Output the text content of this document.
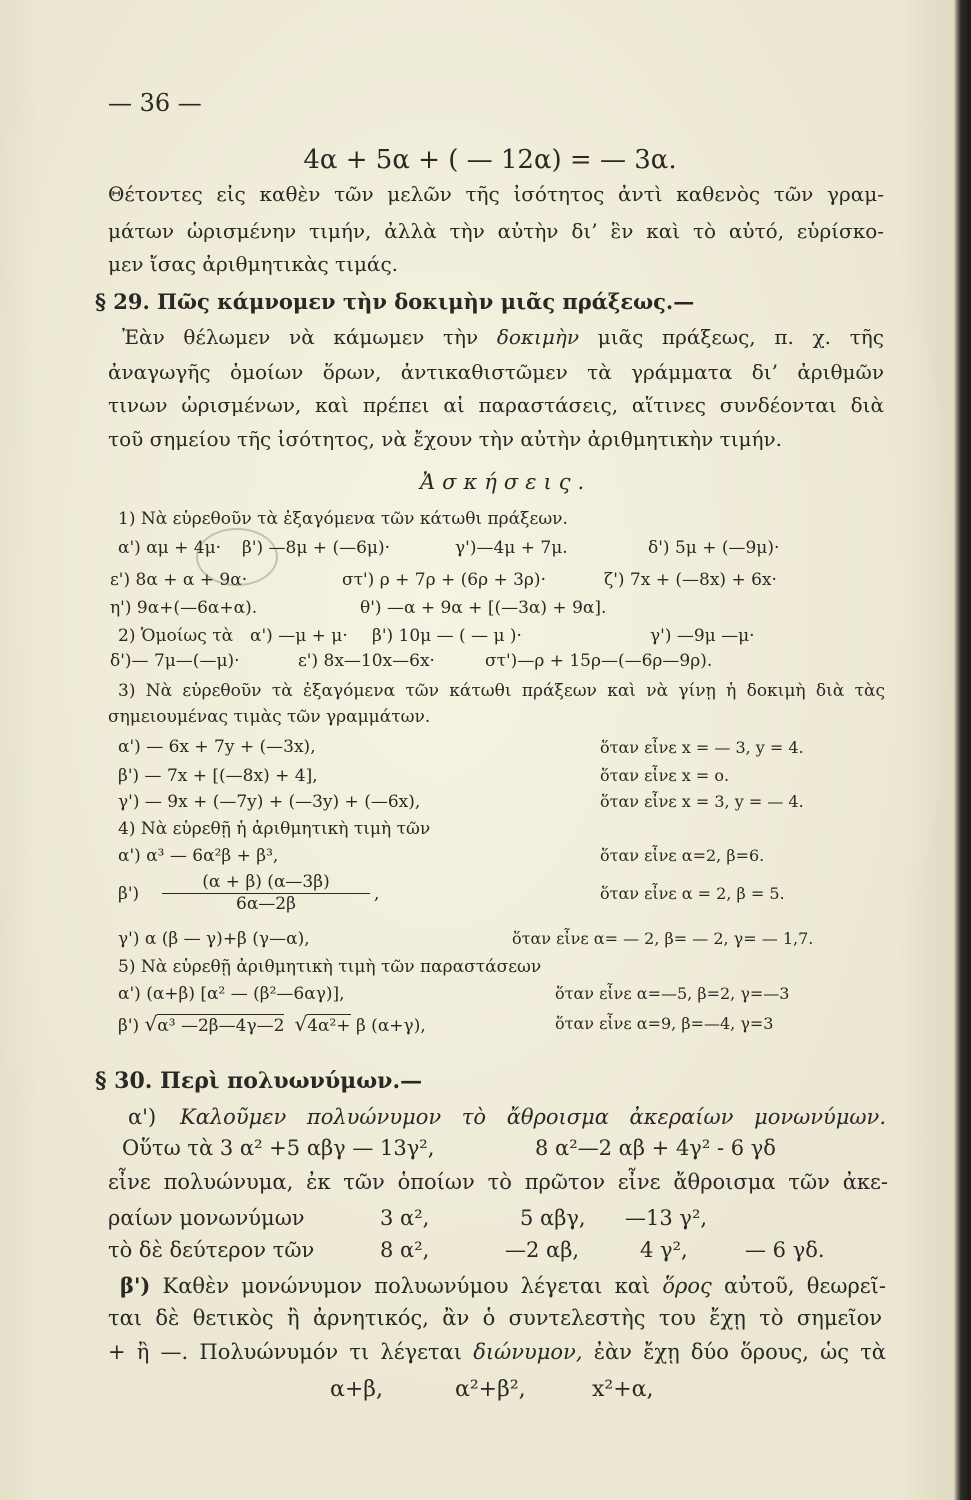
— 36 —
4α + 5α + ( — 12α) = — 3α.
Θέτοντες εἰς καθὲν τῶν μελῶν τῆς ἰσότητος ἀντὶ καθενὸς τῶν γραμ-
μάτων ὡρισμένην τιμήν, ἀλλὰ τὴν αὐτὴν δι’ ἓν καὶ τὸ αὐτό, εὑρίσκο-
μεν ἴσας ἀριθμητικὰς τιμάς.
§ 29. Πῶς κάμνομεν τὴν δοκιμὴν μιᾶς πράξεως.—
Ἐὰν θέλωμεν νὰ κάμωμεν τὴν δοκιμὴν μιᾶς πράξεως, π. χ. τῆς
ἀναγωγῆς ὁμοίων ὅρων, ἀντικαθιστῶμεν τὰ γράμματα δι’ ἀριθμῶν
τινων ὡρισμένων, καὶ πρέπει αἱ παραστάσεις, αἵτινες συνδέονται διὰ
τοῦ σημείου τῆς ἰσότητος, νὰ ἔχουν τὴν αὐτὴν ἀριθμητικὴν τιμήν.
Ἀσκήσεις.
1) Νὰ εὑρεθοῦν τὰ ἐξαγόμενα τῶν κάτωθι πράξεων.
α') αμ + 4μ· β') —8μ + (—6μ)·	γ')—4μ + 7μ.	δ') 5μ + (—9μ)·
ε') 8α + α + 9α·	στ') ρ + 7ρ + (6ρ + 3ρ)·	ζ') 7x + (—8x) + 6x·
η') 9α+(—6α+α).	θ') —α + 9α + [(—3α) + 9α].
2) Ὁμοίως τὰ α') —μ + μ· β') 10μ — ( — μ )·	γ') —9μ —μ·
δ')— 7μ—(—μ)·	ε') 8x—10x—6x·	στ')—ρ + 15ρ—(—6ρ—9ρ).
3) Νὰ εὑρεθοῦν τὰ ἐξαγόμενα τῶν κάτωθι πράξεων καὶ νὰ γίνῃ ἡ δοκιμὴ διὰ τὰς
σημειουμένας τιμὰς τῶν γραμμάτων.
α') — 6x + 7y + (—3x),	ὅταν εἶνε x = — 3, y = 4.
β') — 7x + [(—8x) + 4],	ὅταν εἶνε x = ο.
γ') — 9x + (—7y) + (—3y) + (—6x),	ὅταν εἶνε x = 3, y = — 4.
4) Νὰ εὑρεθῇ ἡ ἀριθμητικὴ τιμὴ τῶν
α') α³ — 6α²β + β³,	ὅταν εἶνε α=2, β=6.
$\beta') \frac{(\alpha + \beta) (\alpha—3\beta)}{6\alpha—2\beta}$ ,	ὅταν εἶνε α = 2, β = 5.
γ') α (β — γ)+β (γ—α),	ὅταν εἶνε α= — 2, β= — 2, γ= — 1,7.
5) Νὰ εὑρεθῇ ἀριθμητικὴ τιμὴ τῶν παραστάσεων
α') (α+β) [α² — (β²—6αγ)],	ὅταν εἶνε α=—5, β=2, γ=—3
β') √α³ —2β—4γ—2 √4α²+ β (α+γ),	ὅταν εἶνε α=9, β=—4, γ=3
§ 30. Περὶ πολυωνύμων.—
α') Καλοῦμεν πολυώνυμον τὸ ἄθροισμα ἀκεραίων μονωνύμων.
Οὕτω τὰ 3 α² +5 αβγ — 13γ²,	8 α²—2 αβ + 4γ² - 6 γδ
εἶνε πολυώνυμα, ἐκ τῶν ὁποίων τὸ πρῶτον εἶνε ἄθροισμα τῶν ἀκε-
ραίων μονωνύμων	3 α²,	5 αβγ, —13 γ²,
τὸ δὲ δεύτερον τῶν	8 α²,	—2 αβ,	4 γ²,	— 6 γδ.
β') Καθὲν μονώνυμον πολυωνύμου λέγεται καὶ ὅρος αὐτοῦ, θεωρεῖ-
ται δὲ θετικὸς ἢ ἀρνητικός, ἂν ὁ συντελεστὴς του ἔχῃ τὸ σημεῖον
+ ἢ —. Πολυώνυμόν τι λέγεται διώνυμον, ἐὰν ἔχῃ δύο ὅρους, ὡς τὰ
α+β,	α²+β²,	x²+α,
